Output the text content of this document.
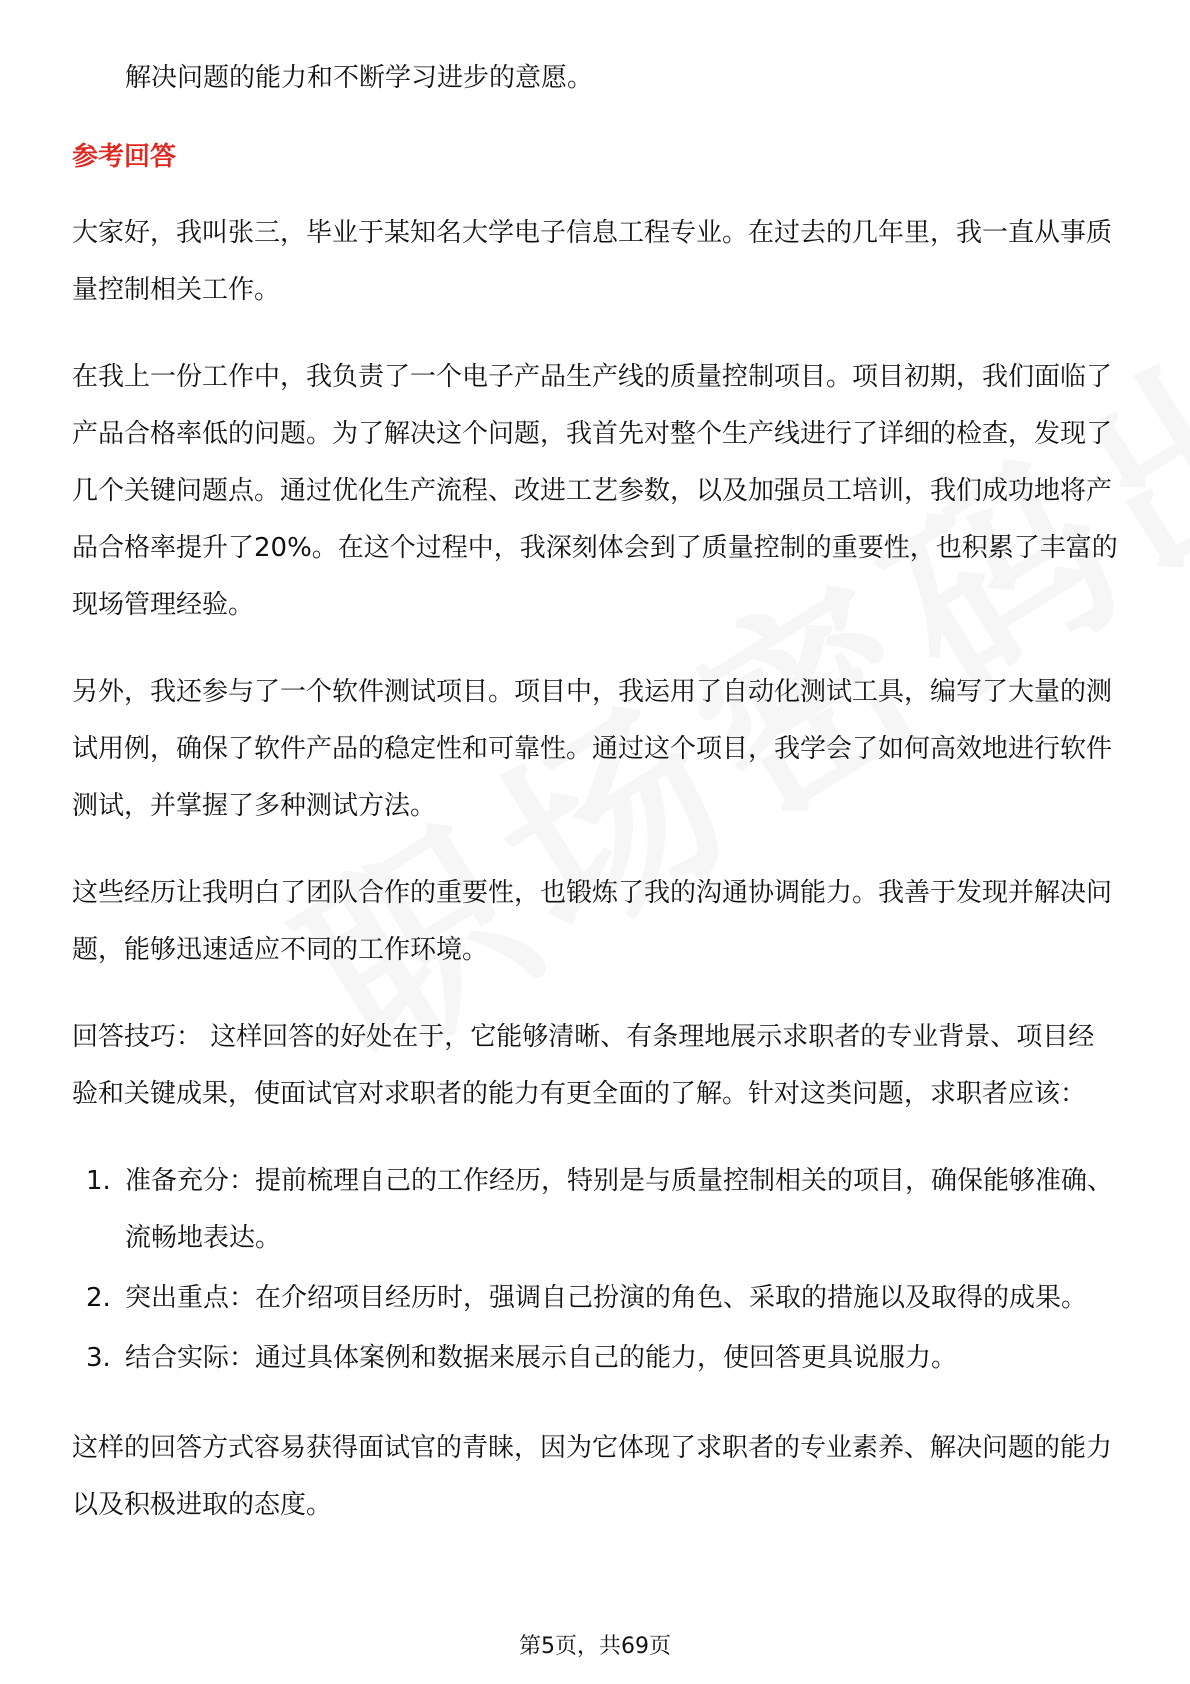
解决问题的能力和不断学习进步的意愿。

参考回答

大家好，我叫张三，毕业于某知名大学电子信息工程专业。在过去的几年里，我一直从事质量控制相关工作。

在我上一份工作中，我负责了一个电子产品生产线的质量控制项目。项目初期，我们面临了产品合格率低的问题。为了解决这个问题，我首先对整个生产线进行了详细的检查，发现了几个关键问题点。通过优化生产流程、改进工艺参数，以及加强员工培训，我们成功地将产品合格率提升了20%。在这个过程中，我深刻体会到了质量控制的重要性，也积累了丰富的现场管理经验。

另外，我还参与了一个软件测试项目。项目中，我运用了自动化测试工具，编写了大量的测试用例，确保了软件产品的稳定性和可靠性。通过这个项目，我学会了如何高效地进行软件测试，并掌握了多种测试方法。

这些经历让我明白了团队合作的重要性，也锻炼了我的沟通协调能力。我善于发现并解决问题，能够迅速适应不同的工作环境。

回答技巧： 这样回答的好处在于，它能够清晰、有条理地展示求职者的专业背景、项目经验和关键成果，使面试官对求职者的能力有更全面的了解。针对这类问题，求职者应该：

1. 准备充分：提前梳理自己的工作经历，特别是与质量控制相关的项目，确保能够准确、流畅地表达。
2. 突出重点：在介绍项目经历时，强调自己扮演的角色、采取的措施以及取得的成果。
3. 结合实际：通过具体案例和数据来展示自己的能力，使回答更具说服力。

这样的回答方式容易获得面试官的青睐，因为它体现了求职者的专业素养、解决问题的能力以及积极进取的态度。

第5页，共69页
